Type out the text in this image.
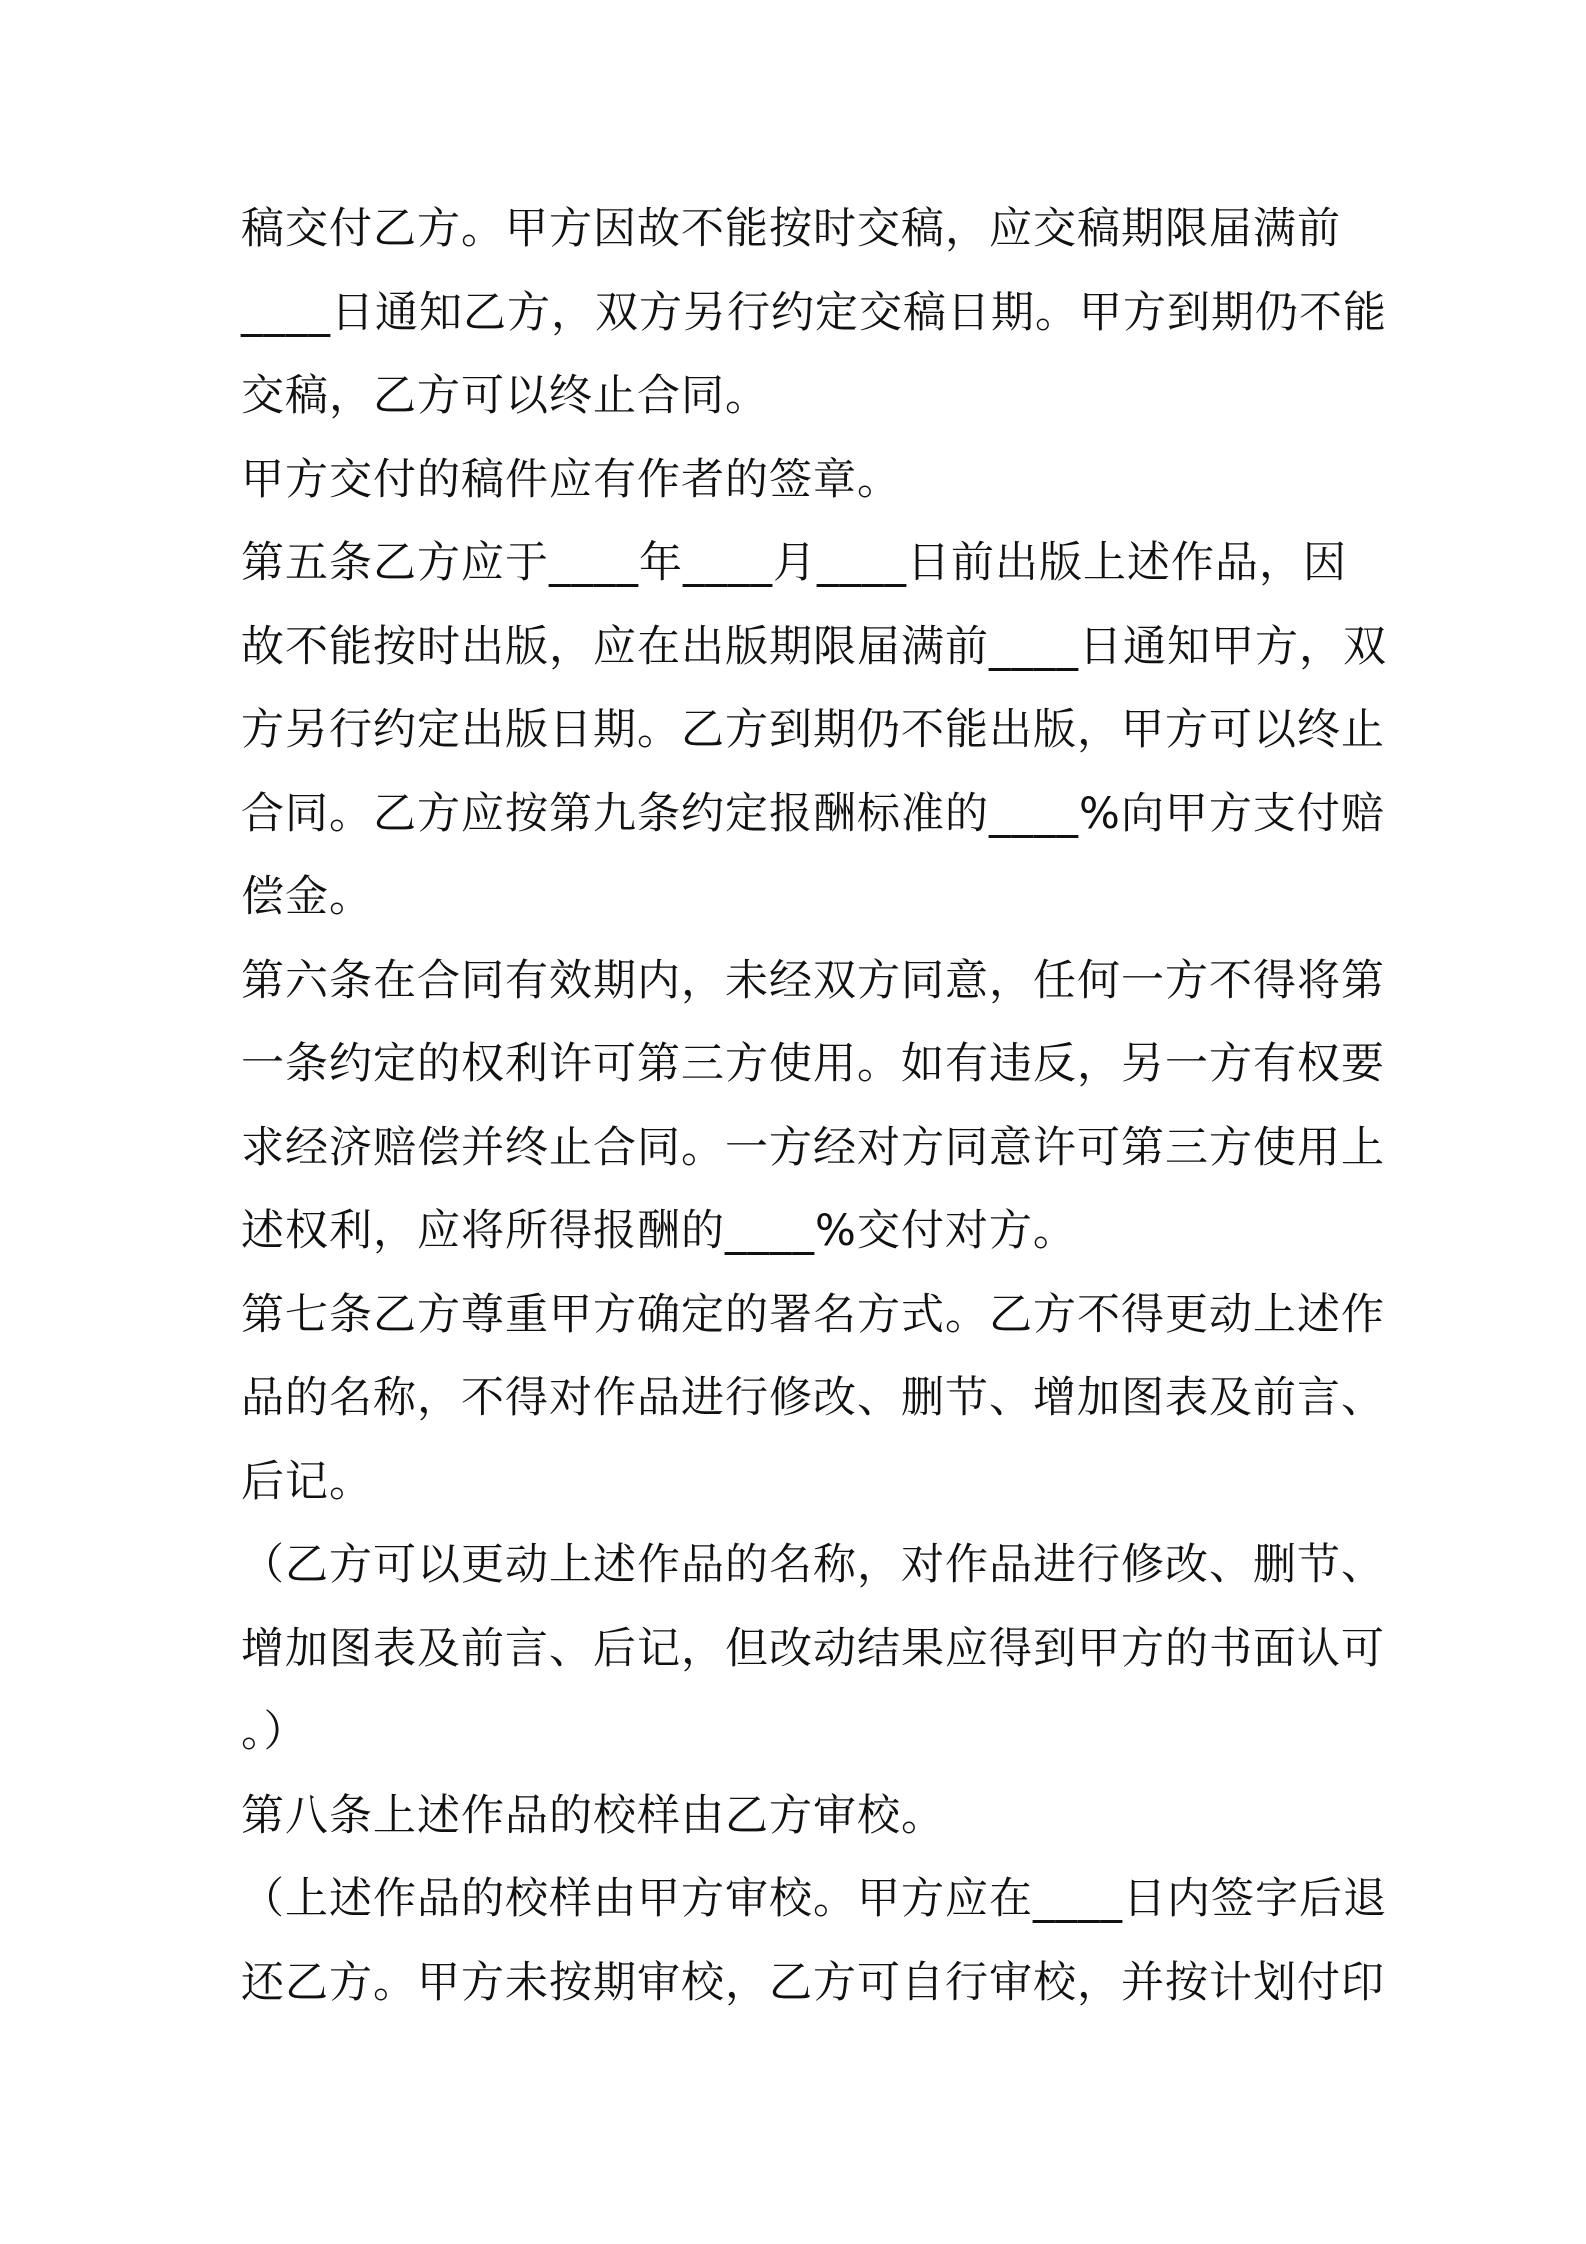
稿交付乙方。甲方因故不能按时交稿，应交稿期限届满前
____日通知乙方，双方另行约定交稿日期。甲方到期仍不能
交稿，乙方可以终止合同。
甲方交付的稿件应有作者的签章。
第五条乙方应于____年____月____日前出版上述作品，因
故不能按时出版，应在出版期限届满前____日通知甲方，双
方另行约定出版日期。乙方到期仍不能出版，甲方可以终止
合同。乙方应按第九条约定报酬标准的____%向甲方支付赔
偿金。
第六条在合同有效期内，未经双方同意，任何一方不得将第
一条约定的权利许可第三方使用。如有违反，另一方有权要
求经济赔偿并终止合同。一方经对方同意许可第三方使用上
述权利，应将所得报酬的____%交付对方。
第七条乙方尊重甲方确定的署名方式。乙方不得更动上述作
品的名称，不得对作品进行修改、删节、增加图表及前言、
后记。
（乙方可以更动上述作品的名称，对作品进行修改、删节、
增加图表及前言、后记，但改动结果应得到甲方的书面认可
。）
第八条上述作品的校样由乙方审校。
（上述作品的校样由甲方审校。甲方应在____日内签字后退
还乙方。甲方未按期审校，乙方可自行审校，并按计划付印
